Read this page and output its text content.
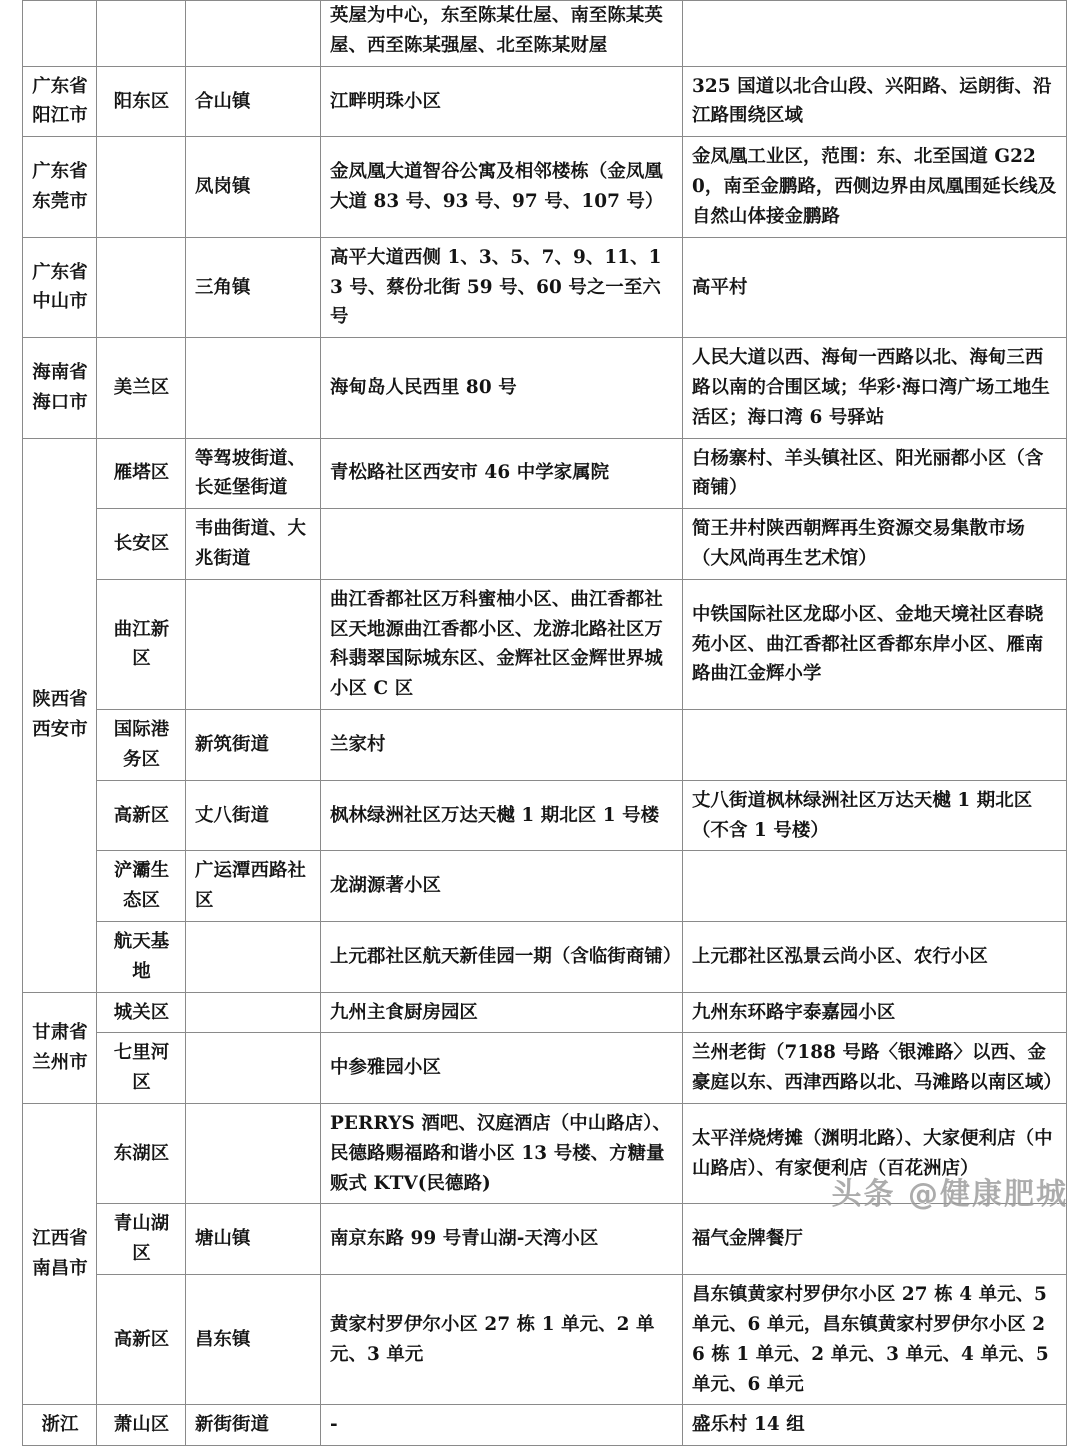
			英屋为中心，东至陈某仕屋、南至陈某英屋、西至陈某强屋、北至陈某财屋	
广东省阳江市	阳东区	合山镇	江畔明珠小区	325 国道以北合山段、兴阳路、运朗街、沿江路围绕区域
广东省东莞市		凤岗镇	金凤凰大道智谷公寓及相邻楼栋（金凤凰大道 83 号、93 号、97 号、107 号）	金凤凰工业区，范围：东、北至国道 G220，南至金鹏路，西侧边界由凤凰围延长线及自然山体接金鹏路
广东省中山市		三角镇	高平大道西侧 1、3、5、7、9、11、13 号、蔡份北街 59 号、60 号之一至六号	高平村
海南省海口市	美兰区		海甸岛人民西里 80 号	人民大道以西、海甸一西路以北、海甸三西路以南的合围区域；华彩·海口湾广场工地生活区；海口湾 6 号驿站
陕西省西安市	雁塔区	等驾坡街道、长延堡街道	青松路社区西安市 46 中学家属院	白杨寨村、羊头镇社区、阳光丽都小区（含商铺）
	长安区	韦曲街道、大兆街道		简王井村陕西朝辉再生资源交易集散市场（大风尚再生艺术馆）
	曲江新区		曲江香都社区万科蜜柚小区、曲江香都社区天地源曲江香都小区、龙游北路社区万科翡翠国际城东区、金辉社区金辉世界城小区 C 区	中铁国际社区龙邸小区、金地天境社区春晓苑小区、曲江香都社区香都东岸小区、雁南路曲江金辉小学
	国际港务区	新筑街道	兰家村	
	高新区	丈八街道	枫林绿洲社区万达天樾 1 期北区 1 号楼	丈八街道枫林绿洲社区万达天樾 1 期北区（不含 1 号楼）
	浐灞生态区	广运潭西路社区	龙湖源著小区	
	航天基地		上元郡社区航天新佳园一期（含临街商铺）	上元郡社区泓景云尚小区、农行小区
甘肃省兰州市	城关区		九州主食厨房园区	九州东环路宇泰嘉园小区
	七里河区		中参雅园小区	兰州老街（7188 号路〈银滩路〉以西、金豪庭以东、西津西路以北、马滩路以南区域）
江西省南昌市	东湖区		PERRYS 酒吧、汉庭酒店（中山路店）、民德路赐福路和谐小区 13 号楼、方糖量贩式 KTV(民德路)	太平洋烧烤摊（渊明北路）、大家便利店（中山路店）、有家便利店（百花洲店）
	青山湖区	塘山镇	南京东路 99 号青山湖-天湾小区	福气金牌餐厅
	高新区	昌东镇	黄家村罗伊尔小区 27 栋 1 单元、2 单元、3 单元	昌东镇黄家村罗伊尔小区 27 栋 4 单元、5 单元、6 单元，昌东镇黄家村罗伊尔小区 26 栋 1 单元、2 单元、3 单元、4 单元、5 单元、6 单元
浙江	萧山区	新街街道	-	盛乐村 14 组
头条 @健康肥城
